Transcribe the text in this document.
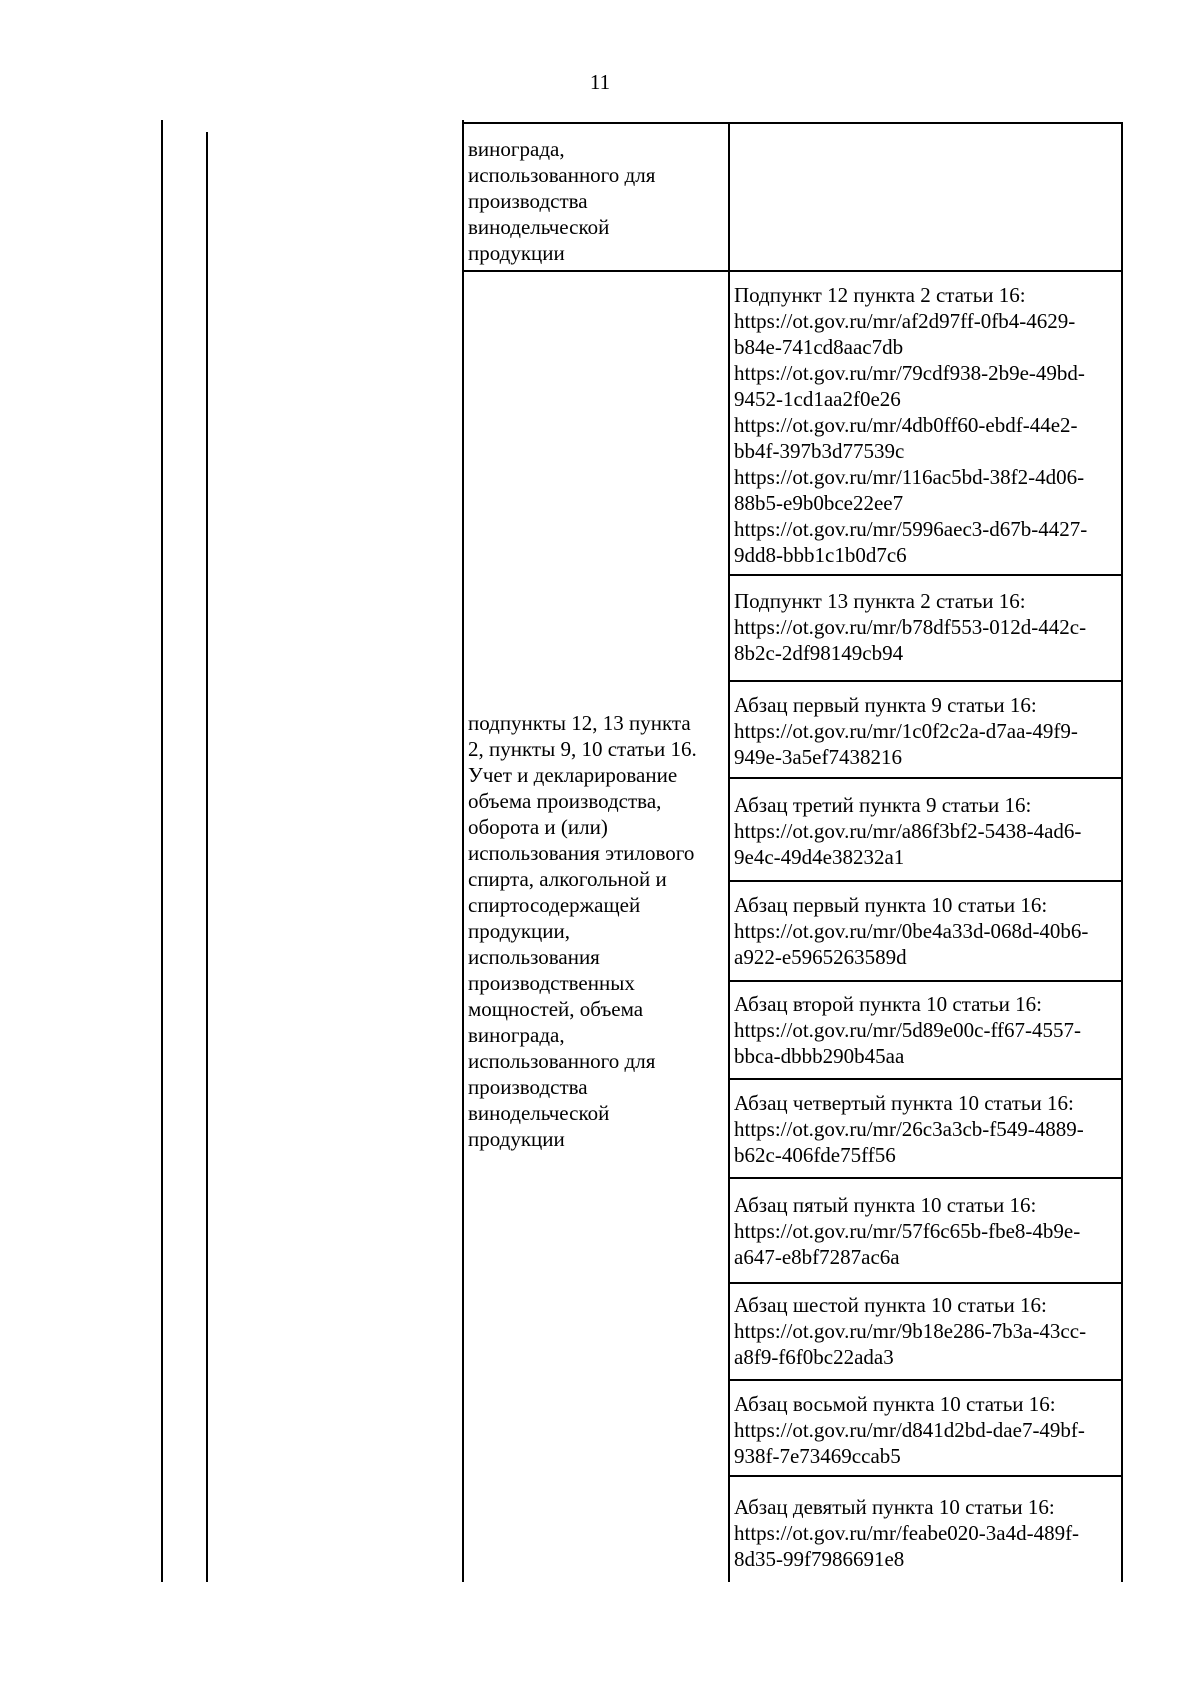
11
винограда,
использованного для
производства
винодельческой
продукции
подпункты 12, 13 пункта
2, пункты 9, 10 статьи 16.
Учет и декларирование
объема производства,
оборота и (или)
использования этилового
спирта, алкогольной и
спиртосодержащей
продукции,
использования
производственных
мощностей, объема
винограда,
использованного для
производства
винодельческой
продукции
Подпункт 12 пункта 2 статьи 16:
https://ot.gov.ru/mr/af2d97ff-0fb4-4629-
b84e-741cd8aac7db
https://ot.gov.ru/mr/79cdf938-2b9e-49bd-
9452-1cd1aa2f0e26
https://ot.gov.ru/mr/4db0ff60-ebdf-44e2-
bb4f-397b3d77539c
https://ot.gov.ru/mr/116ac5bd-38f2-4d06-
88b5-e9b0bce22ee7
https://ot.gov.ru/mr/5996aec3-d67b-4427-
9dd8-bbb1c1b0d7c6
Подпункт 13 пункта 2 статьи 16:
https://ot.gov.ru/mr/b78df553-012d-442c-
8b2c-2df98149cb94
Абзац первый пункта 9 статьи 16:
https://ot.gov.ru/mr/1c0f2c2a-d7aa-49f9-
949e-3a5ef7438216
Абзац третий пункта 9 статьи 16:
https://ot.gov.ru/mr/a86f3bf2-5438-4ad6-
9e4c-49d4e38232a1
Абзац первый пункта 10 статьи 16:
https://ot.gov.ru/mr/0be4a33d-068d-40b6-
a922-e5965263589d
Абзац второй пункта 10 статьи 16:
https://ot.gov.ru/mr/5d89e00c-ff67-4557-
bbca-dbbb290b45aa
Абзац четвертый пункта 10 статьи 16:
https://ot.gov.ru/mr/26c3a3cb-f549-4889-
b62c-406fde75ff56
Абзац пятый пункта 10 статьи 16:
https://ot.gov.ru/mr/57f6c65b-fbe8-4b9e-
a647-e8bf7287ac6a
Абзац шестой пункта 10 статьи 16:
https://ot.gov.ru/mr/9b18e286-7b3a-43cc-
a8f9-f6f0bc22ada3
Абзац восьмой пункта 10 статьи 16:
https://ot.gov.ru/mr/d841d2bd-dae7-49bf-
938f-7e73469ccab5
Абзац девятый пункта 10 статьи 16:
https://ot.gov.ru/mr/feabe020-3a4d-489f-
8d35-99f7986691e8
